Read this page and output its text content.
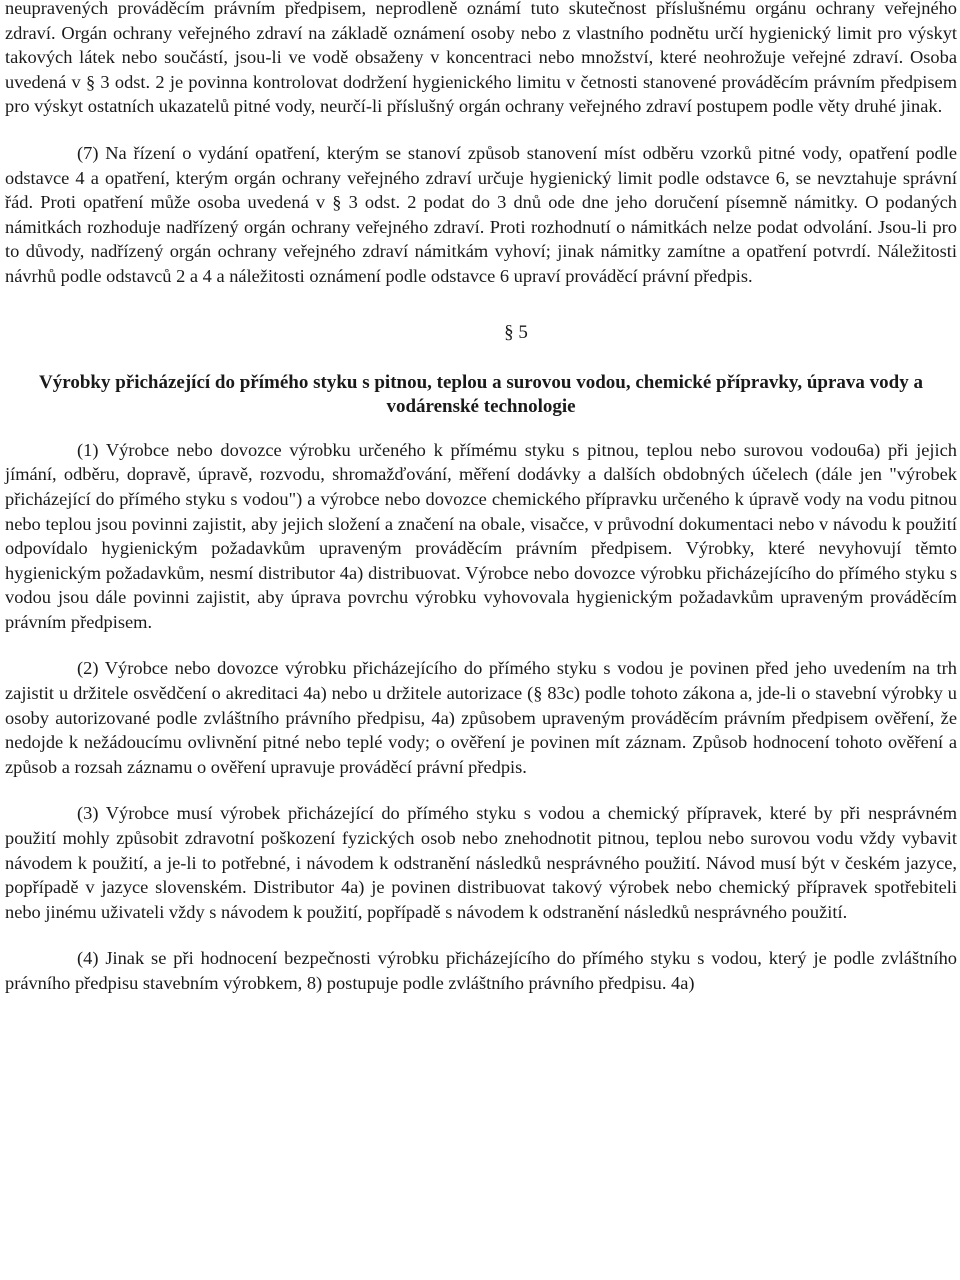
neupravených prováděcím právním předpisem, neprodleně oznámí tuto skutečnost příslušnému orgánu ochrany veřejného zdraví. Orgán ochrany veřejného zdraví na základě oznámení osoby nebo z vlastního podnětu určí hygienický limit pro výskyt takových látek nebo součástí, jsou-li ve vodě obsaženy v koncentraci nebo množství, které neohrožuje veřejné zdraví. Osoba uvedená v § 3 odst. 2 je povinna kontrolovat dodržení hygienického limitu v četnosti stanovené prováděcím právním předpisem pro výskyt ostatních ukazatelů pitné vody, neurčí-li příslušný orgán ochrany veřejného zdraví postupem podle věty druhé jinak.

(7) Na řízení o vydání opatření, kterým se stanoví způsob stanovení míst odběru vzorků pitné vody, opatření podle odstavce 4 a opatření, kterým orgán ochrany veřejného zdraví určuje hygienický limit podle odstavce 6, se nevztahuje správní řád. Proti opatření může osoba uvedená v § 3 odst. 2 podat do 3 dnů ode dne jeho doručení písemně námitky. O podaných námitkách rozhoduje nadřízený orgán ochrany veřejného zdraví. Proti rozhodnutí o námitkách nelze podat odvolání. Jsou-li pro to důvody, nadřízený orgán ochrany veřejného zdraví námitkám vyhoví; jinak námitky zamítne a opatření potvrdí. Náležitosti návrhů podle odstavců 2 a 4 a náležitosti oznámení podle odstavce 6 upraví prováděcí právní předpis.

§ 5
Výrobky přicházející do přímého styku s pitnou, teplou a surovou vodou, chemické přípravky, úprava vody a vodárenské technologie

(1) Výrobce nebo dovozce výrobku určeného k přímému styku s pitnou, teplou nebo surovou vodou6a) při jejich jímání, odběru, dopravě, úpravě, rozvodu, shromažďování, měření dodávky a dalších obdobných účelech (dále jen "výrobek přicházející do přímého styku s vodou") a výrobce nebo dovozce chemického přípravku určeného k úpravě vody na vodu pitnou nebo teplou jsou povinni zajistit, aby jejich složení a značení na obale, visačce, v průvodní dokumentaci nebo v návodu k použití odpovídalo hygienickým požadavkům upraveným prováděcím právním předpisem. Výrobky, které nevyhovují těmto hygienickým požadavkům, nesmí distributor 4a) distribuovat. Výrobce nebo dovozce výrobku přicházejícího do přímého styku s vodou jsou dále povinni zajistit, aby úprava povrchu výrobku vyhovovala hygienickým požadavkům upraveným prováděcím právním předpisem.

(2) Výrobce nebo dovozce výrobku přicházejícího do přímého styku s vodou je povinen před jeho uvedením na trh zajistit u držitele osvědčení o akreditaci 4a) nebo u držitele autorizace (§ 83c) podle tohoto zákona a, jde-li o stavební výrobky u osoby autorizované podle zvláštního právního předpisu, 4a) způsobem upraveným prováděcím právním předpisem ověření, že nedojde k nežádoucímu ovlivnění pitné nebo teplé vody; o ověření je povinen mít záznam. Způsob hodnocení tohoto ověření a způsob a rozsah záznamu o ověření upravuje prováděcí právní předpis.

(3) Výrobce musí výrobek přicházející do přímého styku s vodou a chemický přípravek, které by při nesprávném použití mohly způsobit zdravotní poškození fyzických osob nebo znehodnotit pitnou, teplou nebo surovou vodu vždy vybavit návodem k použití, a je-li to potřebné, i návodem k odstranění následků nesprávného použití. Návod musí být v českém jazyce, popřípadě v jazyce slovenském. Distributor 4a) je povinen distribuovat takový výrobek nebo chemický přípravek spotřebiteli nebo jinému uživateli vždy s návodem k použití, popřípadě s návodem k odstranění následků nesprávného použití.

(4) Jinak se při hodnocení bezpečnosti výrobku přicházejícího do přímého styku s vodou, který je podle zvláštního právního předpisu stavebním výrobkem, 8) postupuje podle zvláštního právního předpisu. 4a)
